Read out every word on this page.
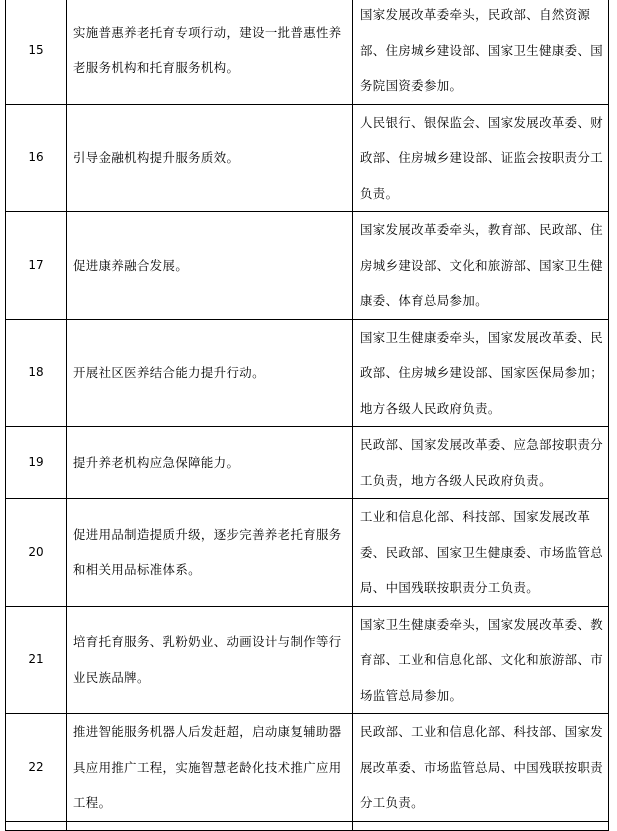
15	实施普惠养老托育专项行动，建设一批普惠性养老服务机构和托育服务机构。	国家发展改革委牵头，民政部、自然资源部、住房城乡建设部、国家卫生健康委、国务院国资委参加。

16	引导金融机构提升服务质效。	人民银行、银保监会、国家发展改革委、财政部、住房城乡建设部、证监会按职责分工负责。

17	促进康养融合发展。	国家发展改革委牵头，教育部、民政部、住房城乡建设部、文化和旅游部、国家卫生健康委、体育总局参加。

18	开展社区医养结合能力提升行动。	国家卫生健康委牵头，国家发展改革委、民政部、住房城乡建设部、国家医保局参加；地方各级人民政府负责。

19	提升养老机构应急保障能力。	民政部、国家发展改革委、应急部按职责分工负责，地方各级人民政府负责。

20	促进用品制造提质升级，逐步完善养老托育服务和相关用品标准体系。	工业和信息化部、科技部、国家发展改革委、民政部、国家卫生健康委、市场监管总局、中国残联按职责分工负责。

21	培育托育服务、乳粉奶业、动画设计与制作等行业民族品牌。	国家卫生健康委牵头，国家发展改革委、教育部、工业和信息化部、文化和旅游部、市场监管总局参加。

22	推进智能服务机器人后发赶超，启动康复辅助器具应用推广工程，实施智慧老龄化技术推广应用工程。	民政部、工业和信息化部、科技部、国家发展改革委、市场监管总局、中国残联按职责分工负责。
